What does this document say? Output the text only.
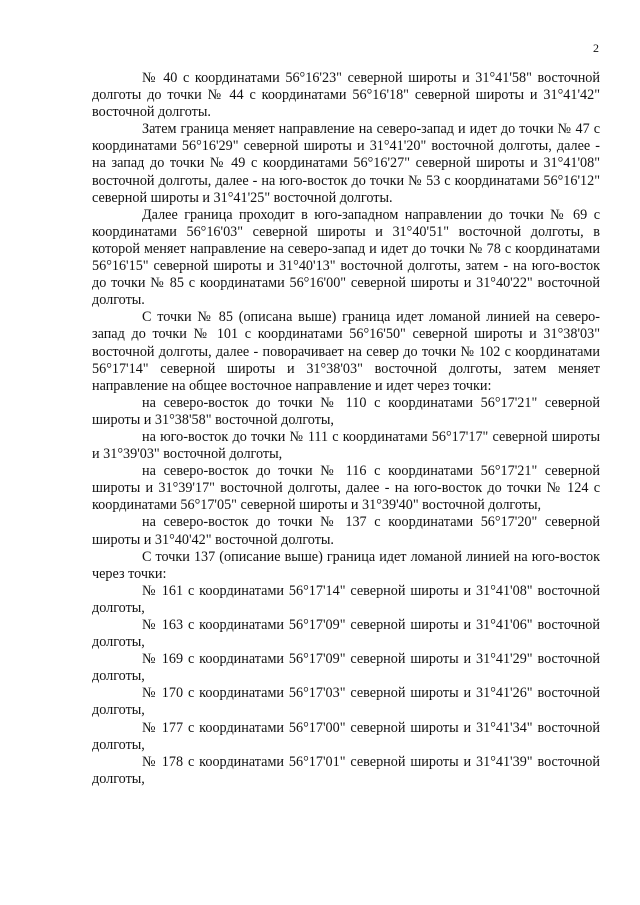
2

№ 40 с координатами 56°16'23" северной широты и 31°41'58" восточной долготы до точки № 44 с координатами 56°16'18" северной широты и 31°41'42" восточной долготы.

Затем граница меняет направление на северо-запад и идет до точки № 47 с координатами 56°16'29" северной широты и 31°41'20" восточной долготы, далее - на запад до точки № 49 с координатами 56°16'27" северной широты и 31°41'08" восточной долготы, далее - на юго-восток до точки № 53 с координатами 56°16'12" северной широты и 31°41'25" восточной долготы.

Далее граница проходит в юго-западном направлении до точки № 69 с координатами 56°16'03" северной широты и 31°40'51" восточной долготы, в которой меняет направление на северо-запад и идет до точки № 78 с координатами 56°16'15" северной широты и 31°40'13" восточной долготы, затем - на юго-восток до точки № 85 с координатами 56°16'00" северной широты и 31°40'22" восточной долготы.

С точки № 85 (описана выше) граница идет ломаной линией на северо-запад до точки № 101 с координатами 56°16'50" северной широты и 31°38'03" восточной долготы, далее - поворачивает на север до точки № 102 с координатами 56°17'14" северной широты и 31°38'03" восточной долготы, затем меняет направление на общее восточное направление и идет через точки:

на северо-восток до точки № 110 с координатами 56°17'21" северной широты и 31°38'58" восточной долготы,

на юго-восток до точки № 111 с координатами 56°17'17" северной широты и 31°39'03" восточной долготы,

на северо-восток до точки № 116 с координатами 56°17'21" северной широты и 31°39'17" восточной долготы, далее - на юго-восток до точки № 124 с координатами 56°17'05" северной широты и 31°39'40" восточной долготы,

на северо-восток до точки № 137 с координатами 56°17'20" северной широты и 31°40'42" восточной долготы.

С точки 137 (описание выше) граница идет ломаной линией на юго-восток через точки:

№ 161 с координатами 56°17'14" северной широты и 31°41'08" восточной долготы,

№ 163 с координатами 56°17'09" северной широты и 31°41'06" восточной долготы,

№ 169 с координатами 56°17'09" северной широты и 31°41'29" восточной долготы,

№ 170 с координатами 56°17'03" северной широты и 31°41'26" восточной долготы,

№ 177 с координатами 56°17'00" северной широты и 31°41'34" восточной долготы,

№ 178 с координатами 56°17'01" северной широты и 31°41'39" восточной долготы,
